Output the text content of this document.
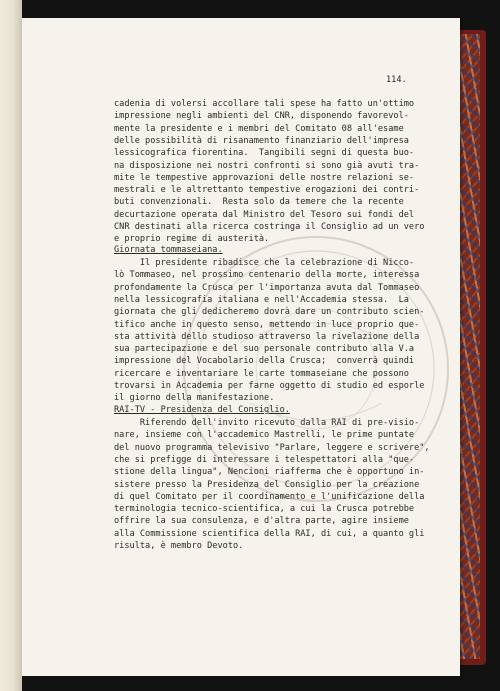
114.
cadenia di volersi accollare tali spese ha fatto un'ottimo
impressione negli ambienti del CNR, disponendo favorevol-
mente la presidente e i membri del Comitato 08 all'esame
delle possibilità di risanamento finanziario dell'impresa
lessicografica fiorentina.  Tangibili segni di questa buo-
na disposizione nei nostri confronti si sono già avuti tra-
mite le tempestive approvazioni delle nostre relazioni se-
mestrali e le altrettanto tempestive erogazioni dei contri-
buti convenzionali.  Resta solo da temere che la recente
decurtazione operata dal Ministro del Tesoro sui fondi del
CNR destinati alla ricerca costringa il Consiglio ad un vero
e proprio regime di austerità.
Giornata tommaseiana.
Il presidente ribadisce che la celebrazione di Nicco-
lò Tommaseo, nel prossimo centenario della morte, interessa
profondamente la Crusca per l'importanza avuta dal Tommaseo
nella lessicografia italiana e nell'Accademia stessa.  La
giornata che gli dedicheremo dovrà dare un contributo scien-
tifico anche in questo senso, mettendo in luce proprio que-
sta attività dello studioso attraverso la rivelazione della
sua partecipazione e del suo personale contributo alla V.a
impressione del Vocabolario della Crusca;  converrà quindi
ricercare e inventariare le carte tommaseiane che possono
trovarsi in Accademia per farne oggetto di studio ed esporle
il giorno della manifestazione.
RAI-TV - Presidenza del Consiglio.
Riferendo dell'invito ricevuto dalla RAI di pre-visio-
nare, insieme con l'accademico Mastrelli, le prime puntate
del nuovo programma televisivo "Parlare, leggere e scrivere",
che si prefigge di interessare i telespettatori alla "que-
stione della lingua", Nencioni riafferma che è opportuno in-
sistere presso la Presidenza del Consiglio per la creazione
di quel Comitato per il coordinamento e l'unificazione della
terminologia tecnico-scientifica, a cui la Crusca potrebbe
offrire la sua consulenza, e d'altra parte, agire insieme
alla Commissione scientifica della RAI, di cui, a quanto gli
risulta, è membro Devoto.
